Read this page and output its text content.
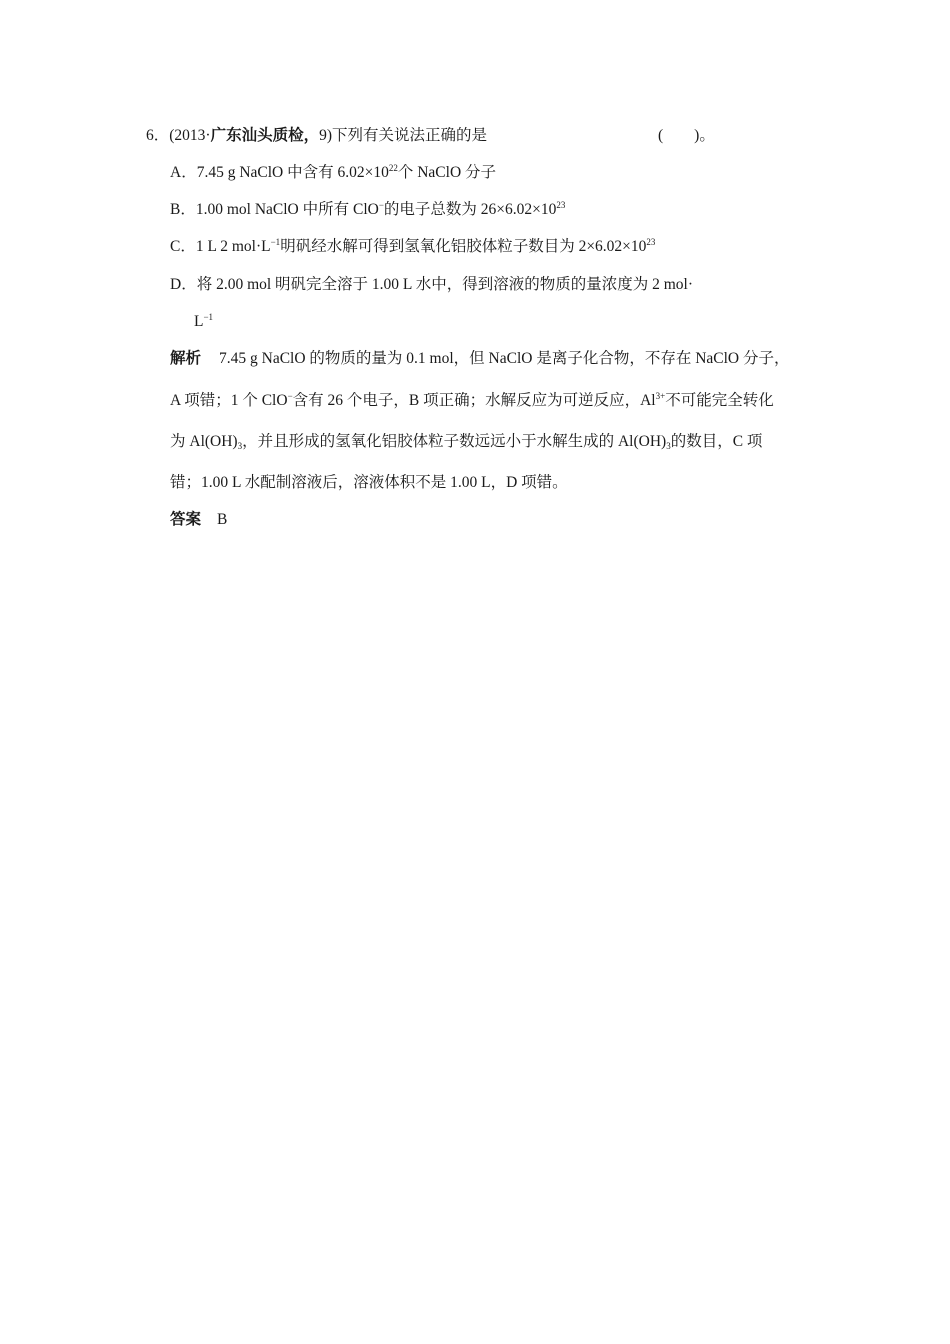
6．(2013·广东汕头质检，9)下列有关说法正确的是	(　　)。
A．7.45 g NaClO 中含有 $6.02\times 10^{22}$个 NaClO 分子
B．1.00 mol NaClO 中所有 ClO−的电子总数为 $26\times 6.02\times 10^{23}$
C．1 L 2 $mol\cdot L^{-1}$明矾经水解可得到氢氧化铝胶体粒子数目为 $2\times 6.02\times 10^{23}$
D．将 2.00 mol 明矾完全溶于 1.00 L 水中，得到溶液的物质的量浓度为 2 mol·
$L^{-1}$
解析 7.45 g NaClO 的物质的量为 0.1 mol，但 NaClO 是离子化合物，不存在 NaClO 分子，
A 项错；1 个 ClO−含有 26 个电子，B 项正确；水解反应为可逆反应，$Al^{3+}$不可能完全转化
为 $Al(OH)_3$，并且形成的氢氧化铝胶体粒子数远远小于水解生成的 $Al(OH)_3$的数目，C 项
错；1.00 L 水配制溶液后，溶液体积不是 1.00 L，D 项错。
答案 B
